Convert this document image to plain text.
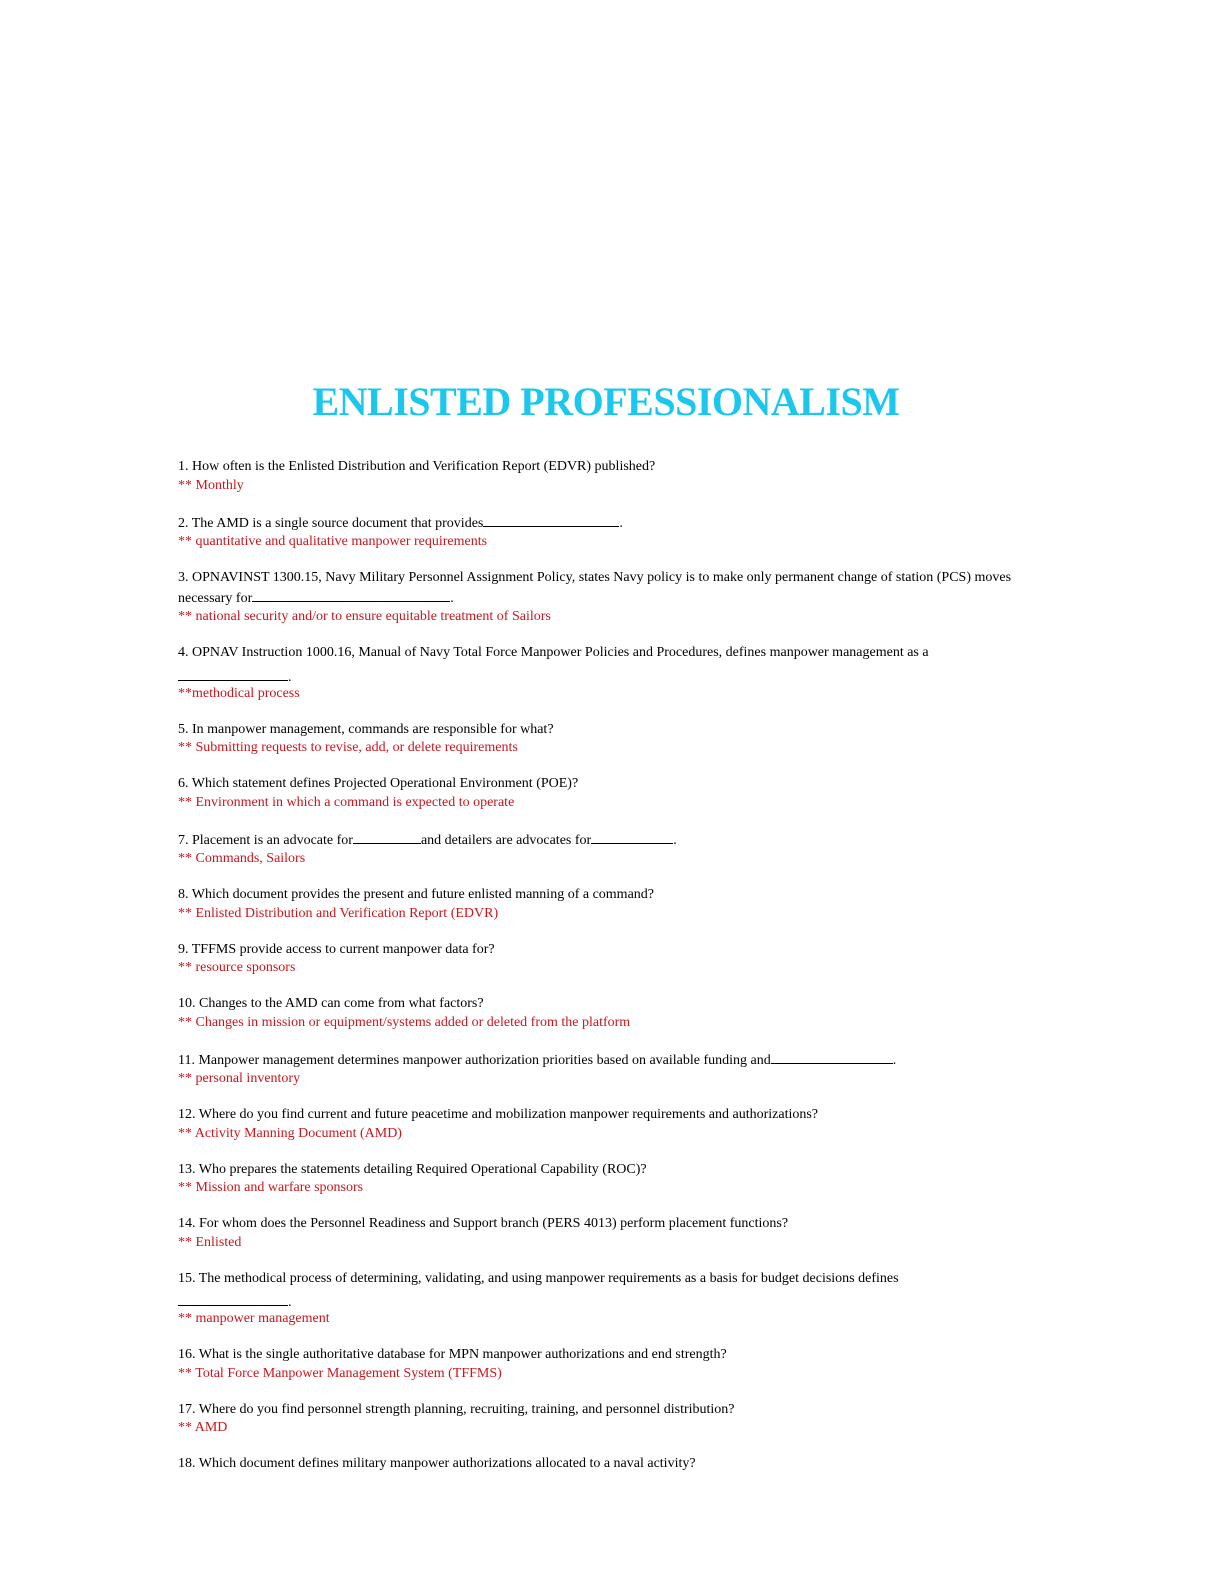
ENLISTED PROFESSIONALISM
1. How often is the Enlisted Distribution and Verification Report (EDVR) published?
** Monthly
2. The AMD is a single source document that provides	.
** quantitative and qualitative manpower requirements
3. OPNAVINST 1300.15, Navy Military Personnel Assignment Policy, states Navy policy is to make only permanent change of station (PCS) moves necessary for	.
** national security and/or to ensure equitable treatment of Sailors
4. OPNAV Instruction 1000.16, Manual of Navy Total Force Manpower Policies and Procedures, defines manpower management as a
.
**methodical process
5. In manpower management, commands are responsible for what?
** Submitting requests to revise, add, or delete requirements
6. Which statement defines Projected Operational Environment (POE)?
** Environment in which a command is expected to operate
7. Placement is an advocate for	and detailers are advocates for	.
** Commands, Sailors
8. Which document provides the present and future enlisted manning of a command?
** Enlisted Distribution and Verification Report (EDVR)
9. TFFMS provide access to current manpower data for?
** resource sponsors
10. Changes to the AMD can come from what factors?
** Changes in mission or equipment/systems added or deleted from the platform
11. Manpower management determines manpower authorization priorities based on available funding and	.
** personal inventory
12. Where do you find current and future peacetime and mobilization manpower requirements and authorizations?
** Activity Manning Document (AMD)
13. Who prepares the statements detailing Required Operational Capability (ROC)?
** Mission and warfare sponsors
14. For whom does the Personnel Readiness and Support branch (PERS 4013) perform placement functions?
** Enlisted
15. The methodical process of determining, validating, and using manpower requirements as a basis for budget decisions defines
.
** manpower management
16. What is the single authoritative database for MPN manpower authorizations and end strength?
** Total Force Manpower Management System (TFFMS)
17. Where do you find personnel strength planning, recruiting, training, and personnel distribution?
** AMD
18. Which document defines military manpower authorizations allocated to a naval activity?
